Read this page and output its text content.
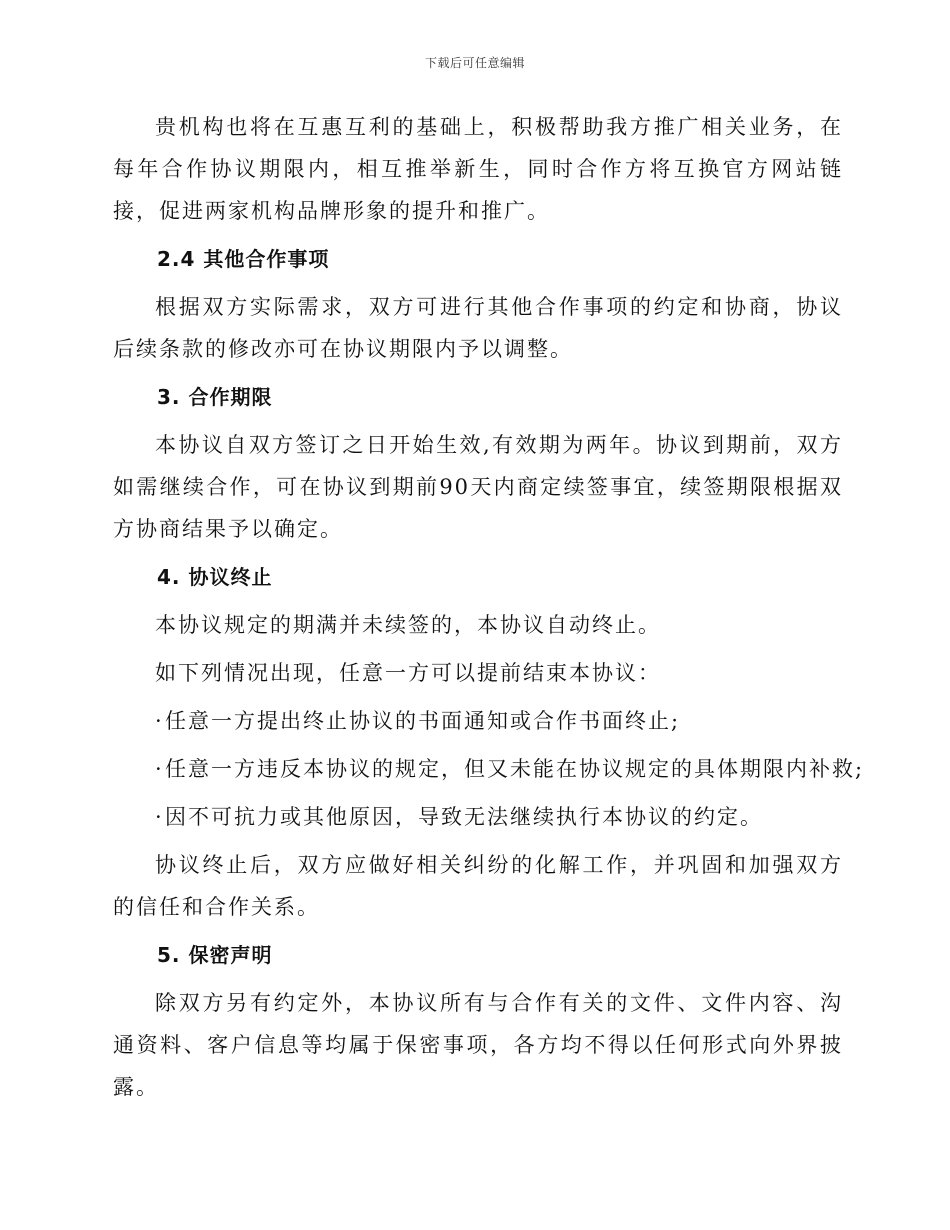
下载后可任意编辑

贵机构也将在互惠互利的基础上，积极帮助我方推广相关业务，在每年合作协议期限内，相互推举新生，同时合作方将互换官方网站链接，促进两家机构品牌形象的提升和推广。

2.4 其他合作事项

根据双方实际需求，双方可进行其他合作事项的约定和协商，协议后续条款的修改亦可在协议期限内予以调整。

3. 合作期限

本协议自双方签订之日开始生效,有效期为两年。协议到期前，双方如需继续合作，可在协议到期前90天内商定续签事宜，续签期限根据双方协商结果予以确定。

4. 协议终止

本协议规定的期满并未续签的，本协议自动终止。

如下列情况出现，任意一方可以提前结束本协议：

·任意一方提出终止协议的书面通知或合作书面终止;
·任意一方违反本协议的规定，但又未能在协议规定的具体期限内补救;
·因不可抗力或其他原因，导致无法继续执行本协议的约定。

协议终止后，双方应做好相关纠纷的化解工作，并巩固和加强双方的信任和合作关系。

5. 保密声明

除双方另有约定外，本协议所有与合作有关的文件、文件内容、沟通资料、客户信息等均属于保密事项，各方均不得以任何形式向外界披露。
